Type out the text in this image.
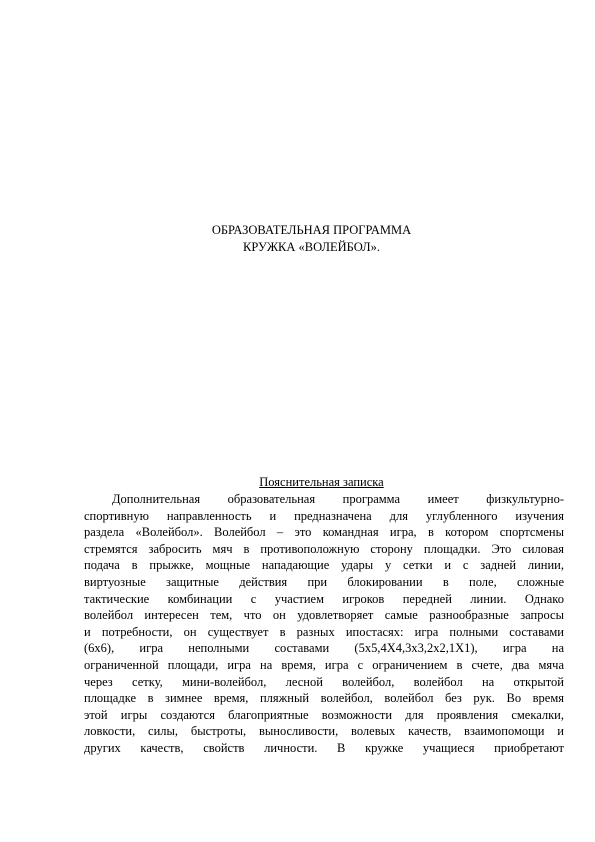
ОБРАЗОВАТЕЛЬНАЯ ПРОГРАММА
КРУЖКА «ВОЛЕЙБОЛ».
Пояснительная записка
Дополнительная образовательная программа имеет физкультурно-
спортивную направленность и предназначена для углубленного изучения
раздела «Волейбол». Волейбол – это командная игра, в котором спортсмены
стремятся забросить мяч в противоположную сторону площадки. Это силовая
подача в прыжке, мощные нападающие удары у сетки и с задней линии,
виртуозные защитные действия при блокировании в поле, сложные
тактические комбинации с участием игроков передней линии. Однако
волейбол интересен тем, что он удовлетворяет самые разнообразные запросы
и потребности, он существует в разных ипостасях: игра полными составами
(6х6), игра неполными составами (5х5,4Х4,3х3,2х2,1Х1), игра на
ограниченной площади, игра на время, игра с ограничением в счете, два мяча
через сетку, мини-волейбол, лесной волейбол, волейбол на открытой
площадке в зимнее время, пляжный волейбол, волейбол без рук. Во время
этой игры создаются благоприятные возможности для проявления смекалки,
ловкости, силы, быстроты, выносливости, волевых качеств, взаимопомощи и
других качеств, свойств личности. В кружке учащиеся приобретают
